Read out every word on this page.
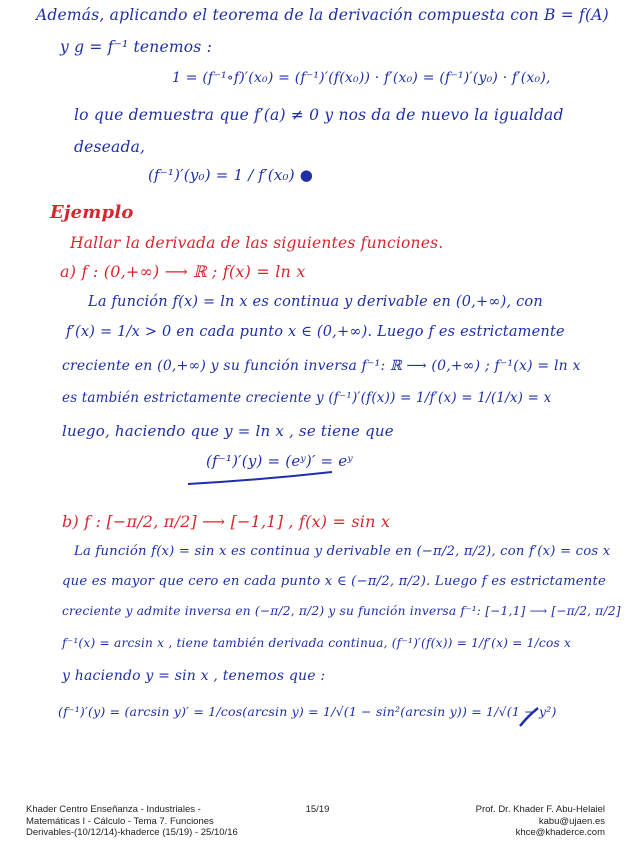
Además, aplicando el teorema de la derivación compuesta con B = f(A)
y g = f⁻¹ tenemos :
1 = (f⁻¹∘f)′(x₀) = (f⁻¹)′(f(x₀)) · f′(x₀) = (f⁻¹)′(y₀) · f′(x₀),
lo que demuestra que f′(a) ≠ 0 y nos da de nuevo la igualdad
deseada,
(f⁻¹)′(y₀) = 1 / f′(x₀) ●
Ejemplo
Hallar la derivada de las siguientes funciones.
a) f : (0,+∞) ⟶ ℝ ; f(x) = ln x
La función f(x) = ln x es continua y derivable en (0,+∞), con
f′(x) = 1/x > 0 en cada punto x ∈ (0,+∞). Luego f es estrictamente
creciente en (0,+∞) y su función inversa f⁻¹: ℝ ⟶ (0,+∞) ; f⁻¹(x) = ln x
es también estrictamente creciente y (f⁻¹)′(f(x)) = 1/f′(x) = 1/(1/x) = x
luego, haciendo que y = ln x , se tiene que
(f⁻¹)′(y) = (eʸ)′ = eʸ
b) f : [−π/2, π/2] ⟶ [−1,1] , f(x) = sin x
La función f(x) = sin x es continua y derivable en (−π/2, π/2), con f′(x) = cos x
que es mayor que cero en cada punto x ∈ (−π/2, π/2). Luego f es estrictamente
creciente y admite inversa en (−π/2, π/2) y su función inversa f⁻¹: [−1,1] ⟶ [−π/2, π/2]
f⁻¹(x) = arcsin x , tiene también derivada continua, (f⁻¹)′(f(x)) = 1/f′(x) = 1/cos x
y haciendo y = sin x , tenemos que :
(f⁻¹)′(y) = (arcsin y)′ = 1/cos(arcsin y) = 1/√(1 − sin²(arcsin y)) = 1/√(1 − y²)
Khader Centro Enseñanza - Industriales -
Matemáticas I - Cálculo - Tema 7. Funciones
Derivables-(10/12/14)-khaderce (15/19) - 25/10/16
15/19	Prof. Dr. Khader F. Abu-Helaiel
kabu@ujaen.es
khce@khaderce.com
